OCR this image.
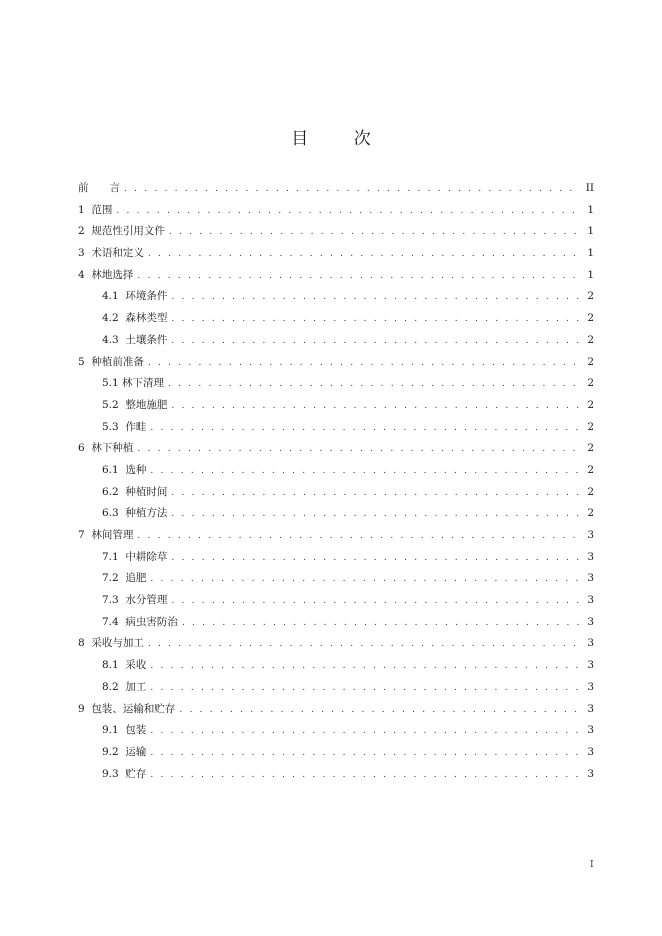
目 次
前　　言 . . .	II
1  范围 . . .	1
2  规范性引用文件 . . .	1
3  术语和定义 . . .	1
4  林地选择 . . .	1
4.1  环境条件 . . .	2
4.2  森林类型 . . .	2
4.3  土壤条件 . . .	2
5  种植前准备 . . .	2
5.1 林下清理 . . .	2
5.2  整地施肥 . . .	2
5.3  作畦 . . .	2
6  林下种植 . . .	2
6.1  选种 . . .	2
6.2  种植时间 . . .	2
6.3  种植方法 . . .	2
7  林间管理 . . .	3
7.1  中耕除草 . . .	3
7.2  追肥 . . .	3
7.3  水分管理 . . .	3
7.4  病虫害防治 . . .	3
8  采收与加工 . . .	3
8.1  采收 . . .	3
8.2  加工 . . .	3
9  包装、运输和贮存 . . .	3
9.1  包装 . . .	3
9.2  运输 . . .	3
9.3  贮存 . . .	3
I
